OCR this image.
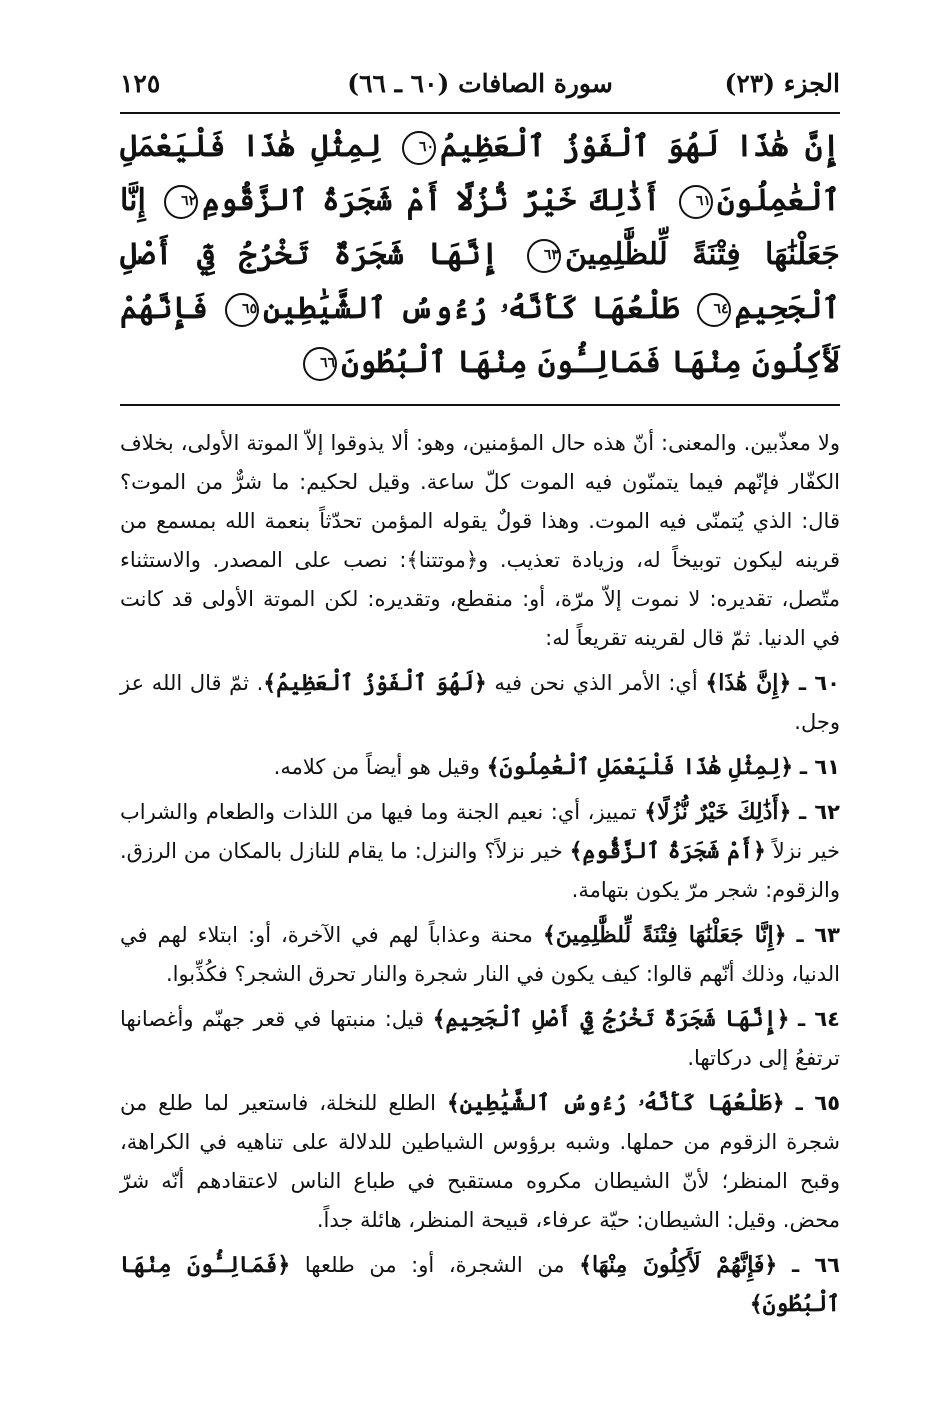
الجزء (٢٣)
سورة الصافات (٦٠ ـ ٦٦)
١٢٥
إِنَّ هَٰذَا لَهُوَ ٱلْفَوْزُ ٱلْعَظِيمُ٦٠ لِمِثْلِ هَٰذَا فَلْيَعْمَلِ ٱلْعَٰمِلُونَ٦١ أَذَٰلِكَ خَيْرٌ نُّزُلًا أَمْ شَجَرَةُ ٱلزَّقُّومِ٦٢ إِنَّا جَعَلْنَٰهَا فِتْنَةً لِّلظَّٰلِمِينَ٦٣ إِنَّهَا شَجَرَةٌ تَخْرُجُ فِيٓ أَصْلِ ٱلْجَحِيمِ٦٤ طَلْعُهَا كَأَنَّهُۥ رُءُوسُ ٱلشَّيَٰطِينِ٦٥ فَإِنَّهُمْ لَأَكِلُونَ مِنْهَا فَمَالِـُٔونَ مِنْهَا ٱلْبُطُونَ٦٦

ولا معذّبين. والمعنى: أنّ هذه حال المؤمنين، وهو: ألا يذوقوا إلاّ الموتة الأولى، بخلاف الكفّار فإنّهم فيما يتمنّون فيه الموت كلّ ساعة. وقيل لحكيم: ما شرٌّ من الموت؟ قال: الذي يُتمنّى فيه الموت. وهذا قولٌ يقوله المؤمن تحدّثاً بنعمة الله بمسمع من قرينه ليكون توبيخاً له، وزيادة تعذيب. و﴿موتتنا﴾: نصب على المصدر. والاستثناء متّصل، تقديره: لا نموت إلاّ مرّة، أو: منقطع، وتقديره: لكن الموتة الأولى قد كانت في الدنيا. ثمّ قال لقرينه تقريعاً له:

٦٠ ـ ﴿إِنَّ هَٰذَا﴾ أي: الأمر الذي نحن فيه ﴿لَهُوَ ٱلْفَوْزُ ٱلْعَظِيمُ﴾. ثمّ قال الله عز وجل.

٦١ ـ ﴿لِمِثْلِ هَٰذَا فَلْيَعْمَلِ ٱلْعَٰمِلُونَ﴾ وقيل هو أيضاً من كلامه.

٦٢ ـ ﴿أَذَٰلِكَ خَيْرٌ نُّزُلًا﴾ تمييز، أي: نعيم الجنة وما فيها من اللذات والطعام والشراب خير نزلاً ﴿أَمْ شَجَرَةُ ٱلزَّقُّومِ﴾ خير نزلاً؟ والنزل: ما يقام للنازل بالمكان من الرزق. والزقوم: شجر مرّ يكون بتهامة.

٦٣ ـ ﴿إِنَّا جَعَلْنَٰهَا فِتْنَةً لِّلظَّٰلِمِينَ﴾ محنة وعذاباً لهم في الآخرة، أو: ابتلاء لهم في الدنيا، وذلك أنّهم قالوا: كيف يكون في النار شجرة والنار تحرق الشجر؟ فكُذِّبوا.

٦٤ ـ ﴿إِنَّهَا شَجَرَةٌ تَخْرُجُ فِيٓ أَصْلِ ٱلْجَحِيمِ﴾ قيل: منبتها في قعر جهنّم وأغصانها ترتفعُ إلى دركاتها.

٦٥ ـ ﴿طَلْعُهَا كَأَنَّهُۥ رُءُوسُ ٱلشَّيَٰطِينِ﴾ الطلع للنخلة، فاستعير لما طلع من شجرة الزقوم من حملها. وشبه برؤوس الشياطين للدلالة على تناهيه في الكراهة، وقبح المنظر؛ لأنّ الشيطان مكروه مستقبح في طباع الناس لاعتقادهم أنّه شرّ محض. وقيل: الشيطان: حيّة عرفاء، قبيحة المنظر، هائلة جداً.

٦٦ ـ ﴿فَإِنَّهُمْ لَأَكِلُونَ مِنْهَا﴾ من الشجرة، أو: من طلعها ﴿فَمَالِـُٔونَ مِنْهَا ٱلْبُطُونَ﴾
